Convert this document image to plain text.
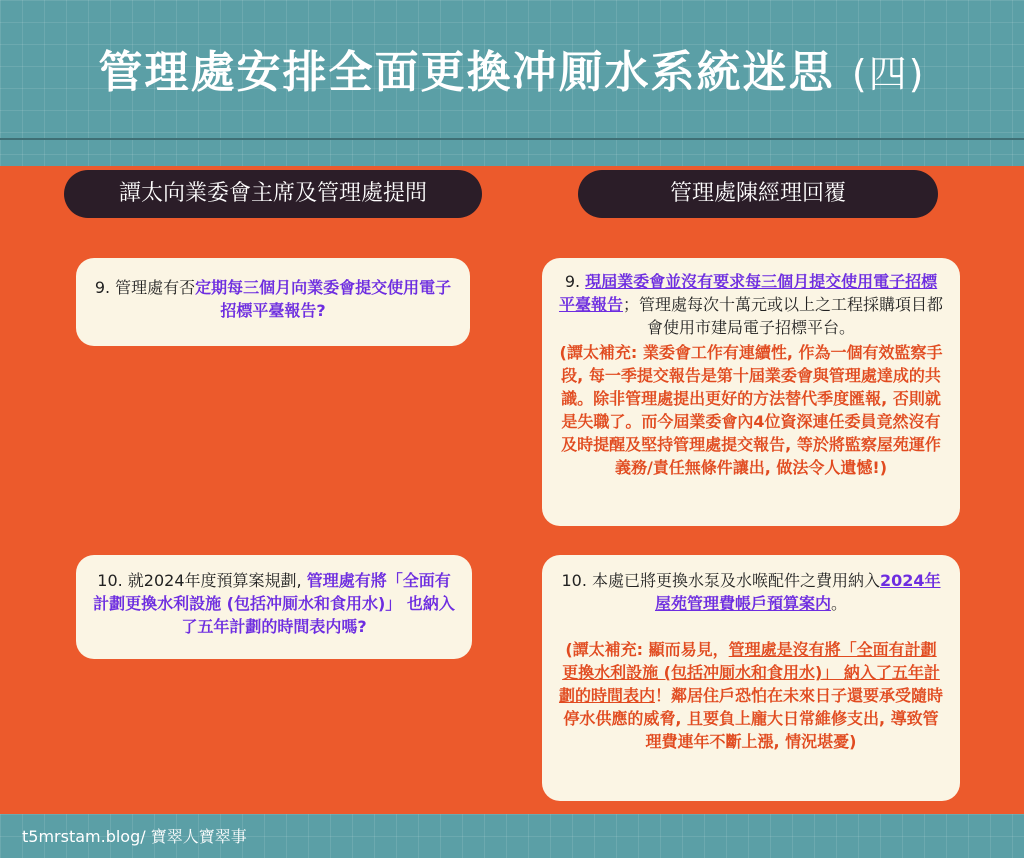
管理處安排全面更換冲厠水系統迷思 (四)
譚太向業委會主席及管理處提問	管理處陳經理回覆
9. 管理處有否定期每三個月向業委會提交使用電子招標平臺報告?
9. 現屆業委會並沒有要求每三個月提交使用電子招標平臺報告；管理處每次十萬元或以上之工程採購項目都會使用市建局電子招標平台。
(譚太補充: 業委會工作有連續性, 作為一個有效監察手段, 每一季提交報告是第十屆業委會與管理處達成的共識。除非管理處提出更好的方法替代季度匯報, 否則就是失職了。而今屆業委會內4位資深連任委員竟然沒有及時提醒及堅持管理處提交報告, 等於將監察屋苑運作義務/責任無條件讓出, 做法令人遺憾!)
10. 就2024年度預算案規劃, 管理處有將「全面有計劃更換水利設施 (包括冲厠水和食用水)」 也納入了五年計劃的時間表内嗎?
10. 本處已將更換水泵及水喉配件之費用納入2024年屋苑管理費帳戶預算案内。
(譚太補充: 顯而易見，管理處是沒有將「全面有計劃更換水利設施 (包括冲厠水和食用水)」 納入了五年計劃的時間表内！鄰居住戶恐怕在未來日子還要承受隨時停水供應的威脅, 且要負上龐大日常維修支出, 導致管理費連年不斷上漲, 情況堪憂)
t5mrstam.blog/ 寶翠人寶翠事
